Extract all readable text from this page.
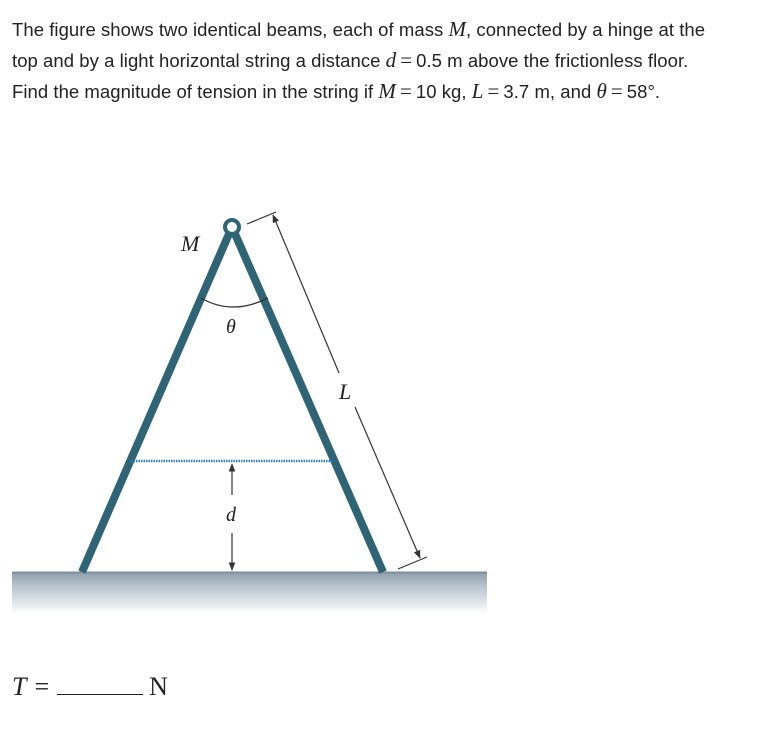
The figure shows two identical beams, each of mass M, connected by a hinge at the
top and by a light horizontal string a distance d = 0.5 m above the frictionless floor.
Find the magnitude of tension in the string if M = 10 kg, L = 3.7 m, and θ = 58°.
M
θ
L
d
T =	N
